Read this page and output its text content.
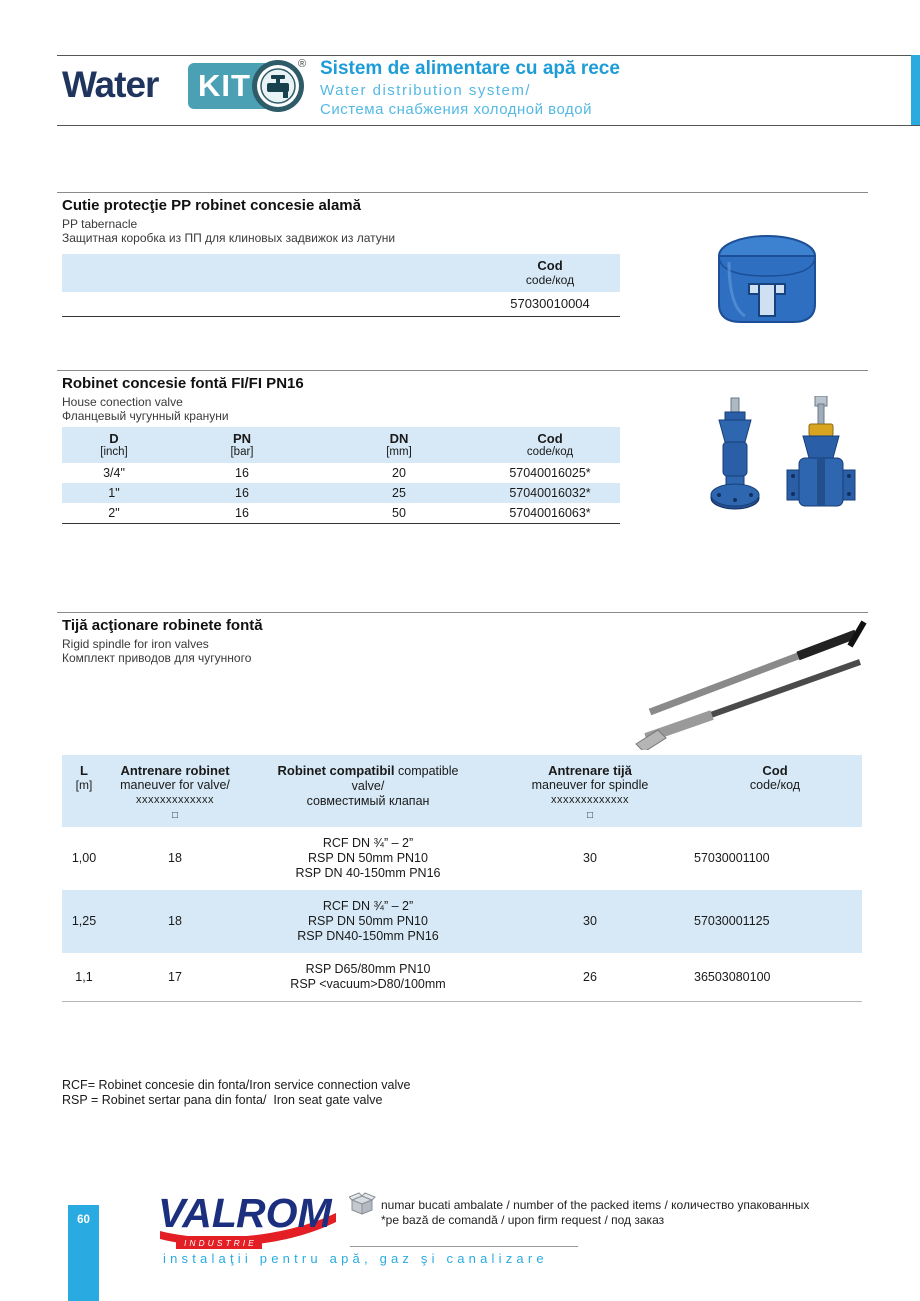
Water KIT
® Sistem de alimentare cu apă rece
Water distribution system/
Система снабжения холодной водой
Cutie protecţie PP robinet concesie alamă
PP tabernacle
Защитная коробка из ПП для клиновых задвижок из латуни
Cod
code/код
57030010004
Robinet concesie fontă FI/FI PN16
House conection valve
Фланцевый чугунный крануни
D
[inch]

PN
[bar]

DN
[mm]

Cod
code/код

3/4"	16	20	57040016025*
1"	16	25	57040016032*
2"	16	50	57040016063*
Tijă acţionare robinete fontă
Rigid spindle for iron valves
Комплект приводов для чугунного
L
[m]

Antrenare robinet
maneuver for valve/
xxxxxxxxxxxxx
□

Robinet compatibil compatible
valve/
совместимый клапан

Antrenare tijă
maneuver for spindle
xxxxxxxxxxxxx
□

Cod
code/код

1,00	18	RCF DN ¾” – 2”
RSP DN 50mm PN10
RSP DN 40-150mm PN16	30	57030001100
1,25	18	RCF DN ¾” – 2”
RSP DN 50mm PN10
RSP DN40-150mm PN16	30	57030001125
1,1	17	RSP D65/80mm PN10
RSP <vacuum>D80/100mm	26	36503080100
RCF= Robinet concesie din fonta/Iron service connection valve
RSP = Robinet sertar pana din fonta/  Iron seat gate valve
60 VAL ROM
INDUSTRIE
numar bucati ambalate / number of the packed items / количество упакованных
*pe bază de comandă / upon firm request / под заказ
instalaţii pentru apă, gaz şi canalizare
